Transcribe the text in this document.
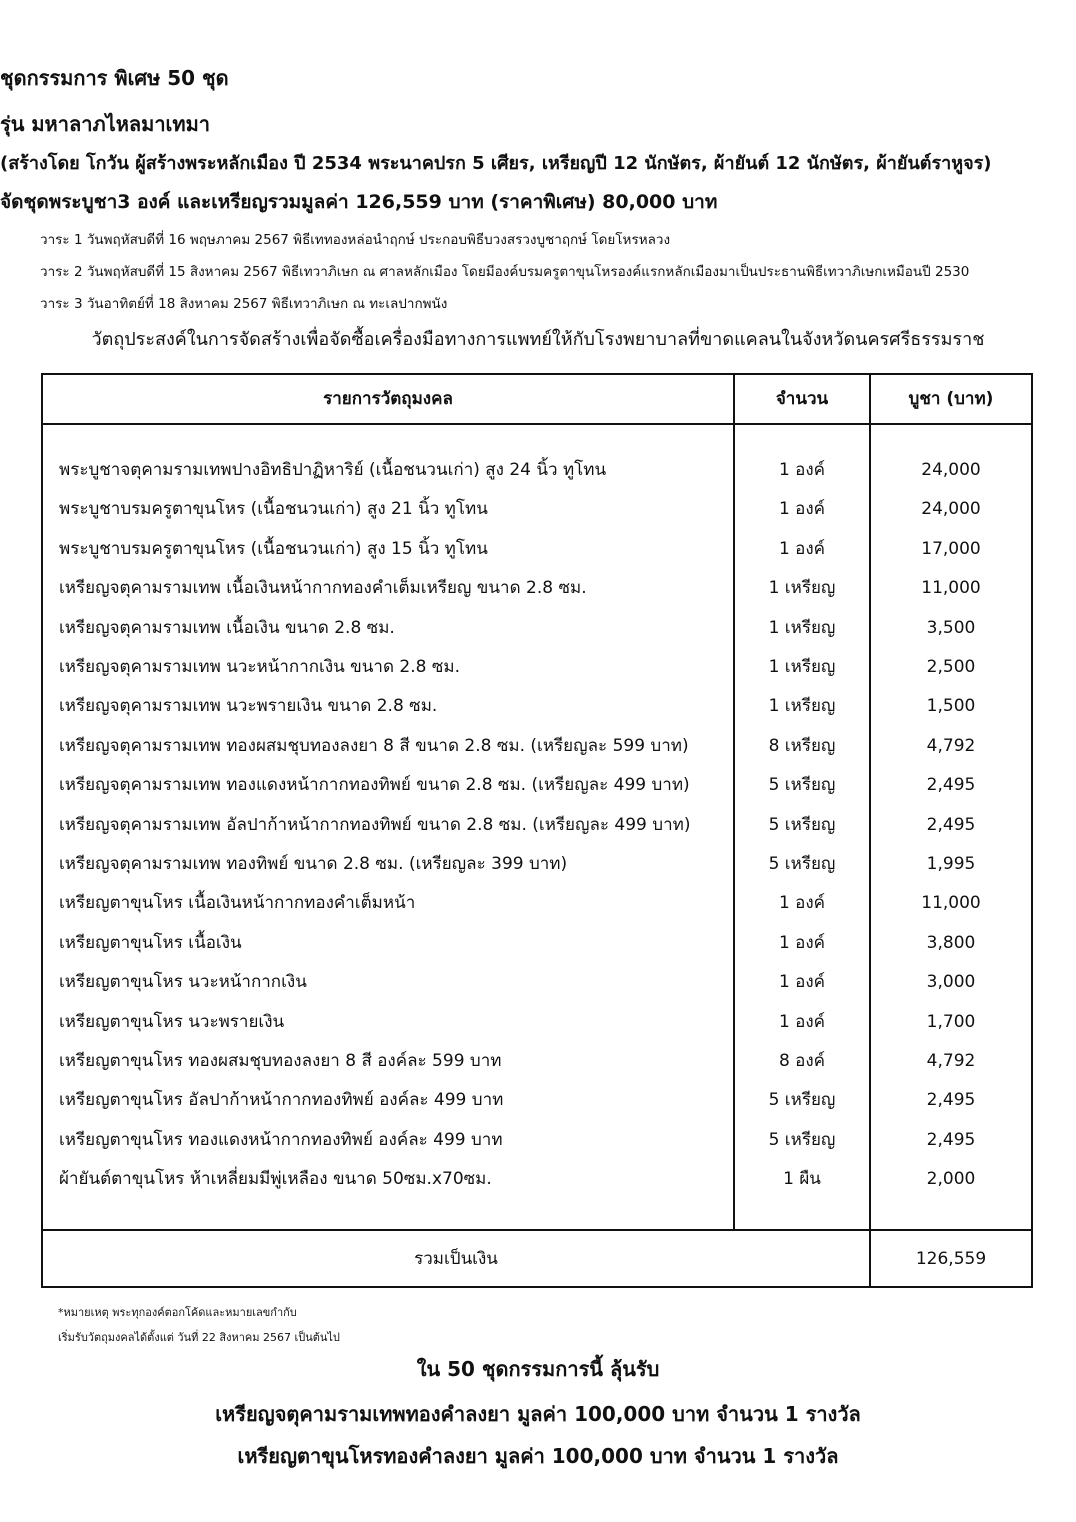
ชุดกรรมการ พิเศษ 50 ชุด
รุ่น มหาลาภไหลมาเทมา
(สร้างโดย โกวัน ผู้สร้างพระหลักเมือง ปี 2534 พระนาคปรก 5 เศียร, เหรียญปี 12 นักษัตร, ผ้ายันต์ 12 นักษัตร, ผ้ายันต์ราหูจร)
จัดชุดพระบูชา3 องค์ และเหรียญรวมมูลค่า 126,559 บาท (ราคาพิเศษ) 80,000 บาท
วาระ 1 วันพฤหัสบดีที่ 16 พฤษภาคม 2567 พิธีเททองหล่อนำฤกษ์ ประกอบพิธีบวงสรวงบูชาฤกษ์ โดยโหรหลวง
วาระ 2 วันพฤหัสบดีที่ 15 สิงหาคม 2567 พิธีเทวาภิเษก ณ ศาลหลักเมือง โดยมีองค์บรมครูตาขุนโหรองค์แรกหลักเมืองมาเป็นประธานพิธีเทวาภิเษกเหมือนปี 2530
วาระ 3 วันอาทิตย์ที่ 18 สิงหาคม 2567 พิธีเทวาภิเษก ณ ทะเลปากพนัง
วัตถุประสงค์ในการจัดสร้างเพื่อจัดซื้อเครื่องมือทางการแพทย์ให้กับโรงพยาบาลที่ขาดแคลนในจังหวัดนครศรีธรรมราช
รายการวัตถุมงคล	จำนวน	บูชา (บาท)
พระบูชาจตุคามรามเทพปางอิทธิปาฏิหาริย์ (เนื้อชนวนเก่า) สูง 24 นิ้ว ทูโทน	1 องค์	24,000
พระบูชาบรมครูตาขุนโหร (เนื้อชนวนเก่า) สูง 21 นิ้ว ทูโทน	1 องค์	24,000
พระบูชาบรมครูตาขุนโหร (เนื้อชนวนเก่า) สูง 15 นิ้ว ทูโทน	1 องค์	17,000
เหรียญจตุคามรามเทพ เนื้อเงินหน้ากากทองคำเต็มเหรียญ ขนาด 2.8 ซม.	1 เหรียญ	11,000
เหรียญจตุคามรามเทพ เนื้อเงิน ขนาด 2.8 ซม.	1 เหรียญ	3,500
เหรียญจตุคามรามเทพ นวะหน้ากากเงิน ขนาด 2.8 ซม.	1 เหรียญ	2,500
เหรียญจตุคามรามเทพ นวะพรายเงิน ขนาด 2.8 ซม.	1 เหรียญ	1,500
เหรียญจตุคามรามเทพ ทองผสมชุบทองลงยา 8 สี ขนาด 2.8 ซม. (เหรียญละ 599 บาท)	8 เหรียญ	4,792
เหรียญจตุคามรามเทพ ทองแดงหน้ากากทองทิพย์ ขนาด 2.8 ซม. (เหรียญละ 499 บาท)	5 เหรียญ	2,495
เหรียญจตุคามรามเทพ อัลปาก้าหน้ากากทองทิพย์ ขนาด 2.8 ซม. (เหรียญละ 499 บาท)	5 เหรียญ	2,495
เหรียญจตุคามรามเทพ ทองทิพย์ ขนาด 2.8 ซม. (เหรียญละ 399 บาท)	5 เหรียญ	1,995
เหรียญตาขุนโหร เนื้อเงินหน้ากากทองคำเต็มหน้า	1 องค์	11,000
เหรียญตาขุนโหร เนื้อเงิน	1 องค์	3,800
เหรียญตาขุนโหร นวะหน้ากากเงิน	1 องค์	3,000
เหรียญตาขุนโหร นวะพรายเงิน	1 องค์	1,700
เหรียญตาขุนโหร ทองผสมชุบทองลงยา 8 สี องค์ละ 599 บาท	8 องค์	4,792
เหรียญตาขุนโหร อัลปาก้าหน้ากากทองทิพย์ องค์ละ 499 บาท	5 เหรียญ	2,495
เหรียญตาขุนโหร ทองแดงหน้ากากทองทิพย์ องค์ละ 499 บาท	5 เหรียญ	2,495
ผ้ายันต์ตาขุนโหร ห้าเหลี่ยมมีพู่เหลือง ขนาด 50ซม.x70ซม.	1 ผืน	2,000
รวมเป็นเงิน	126,559
*หมายเหตุ พระทุกองค์ตอกโค้ดและหมายเลขกำกับ
เริ่มรับวัตถุมงคลได้ตั้งแต่ วันที่ 22 สิงหาคม 2567 เป็นต้นไป
ใน 50 ชุดกรรมการนี้ ลุ้นรับ
เหรียญจตุคามรามเทพทองคำลงยา มูลค่า 100,000 บาท จำนวน 1 รางวัล
เหรียญตาขุนโหรทองคำลงยา มูลค่า 100,000 บาท จำนวน 1 รางวัล
